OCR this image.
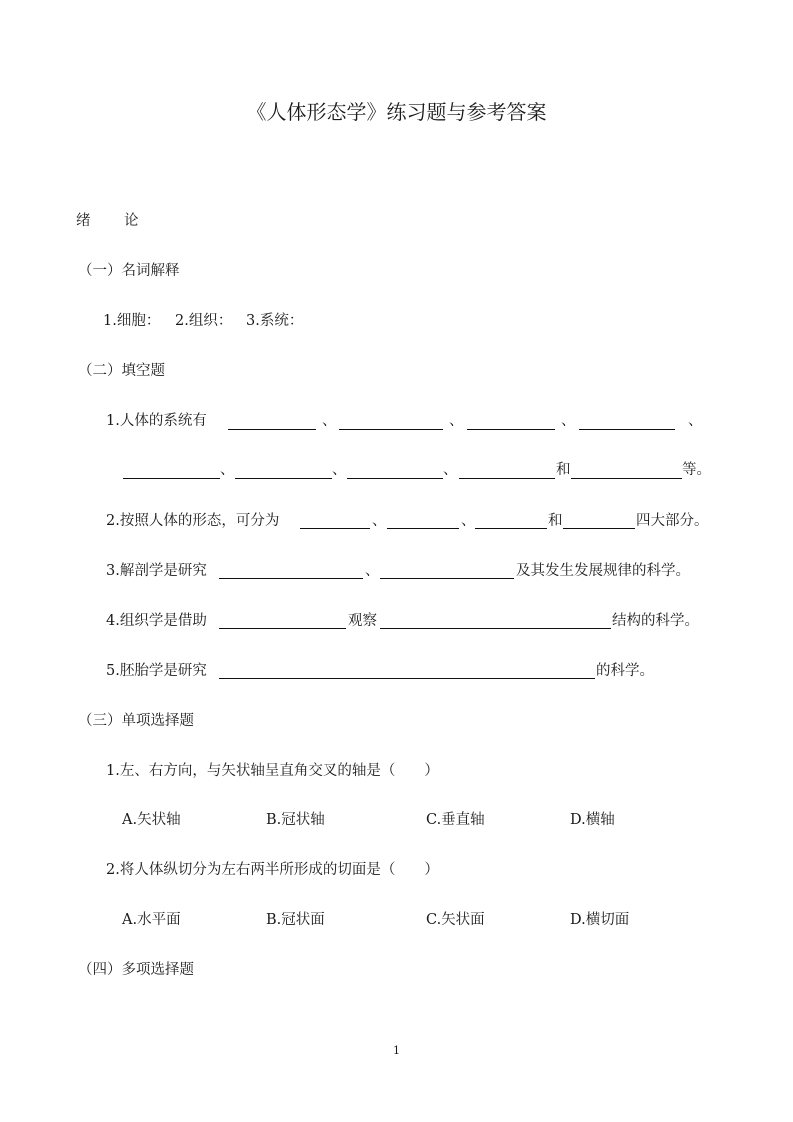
《人体形态学》练习题与参考答案
绪 论
（一）名词解释
1.细胞： 2.组织： 3.系统：
（二）填空题
1.人体的系统有	、	、	、	、
、	、	、	和	等。
2.按照人体的形态，可分为	、	、	和	四大部分。
3.解剖学是研究	、	及其发生发展规律的科学。
4.组织学是借助	观察	结构的科学。
5.胚胎学是研究	的科学。
（三）单项选择题
1.左、右方向，与矢状轴呈直角交叉的轴是（　　）
A.矢状轴	B.冠状轴	C.垂直轴	D.横轴
2.将人体纵切分为左右两半所形成的切面是（　　）
A.水平面	B.冠状面	C.矢状面	D.横切面
（四）多项选择题
1
